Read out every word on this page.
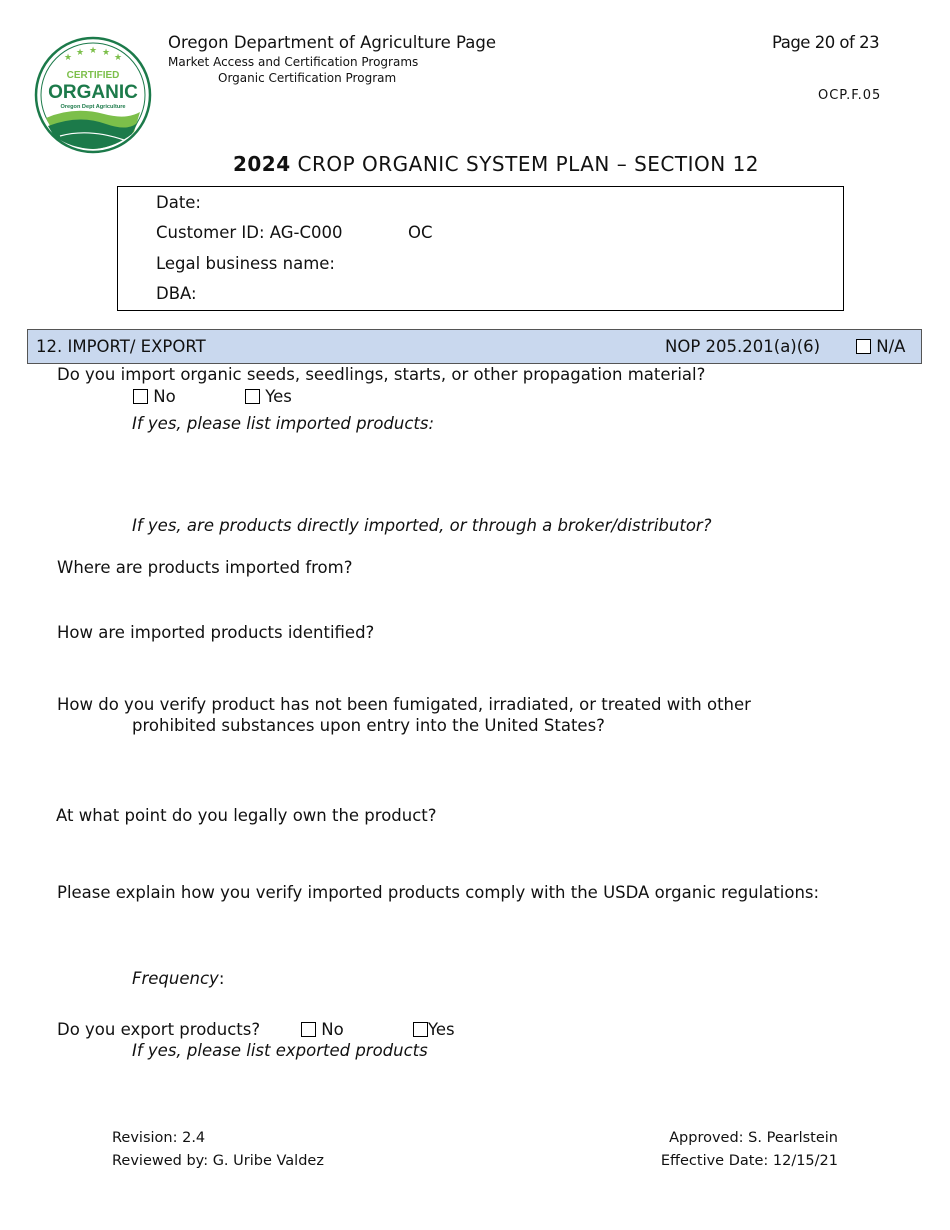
★ ★ ★ ★ ★
CERTIFIED
ORGANIC
Oregon Dept Agriculture
Oregon Department of Agriculture Page
Market Access and Certification Programs
Organic Certification Program
Page 20 of 23
OCP.F.05
2024 CROP ORGANIC SYSTEM PLAN – SECTION 12
Date:
Customer ID: AG-C000	OC
Legal business name:
DBA:
12. IMPORT/ EXPORT	NOP 205.201(a)(6)	N/A
Do you import organic seeds, seedlings, starts, or other propagation material?
No	Yes
If yes, please list imported products:
If yes, are products directly imported, or through a broker/distributor?
Where are products imported from?
How are imported products identified?
How do you verify product has not been fumigated, irradiated, or treated with other
prohibited substances upon entry into the United States?
At what point do you legally own the product?
Please explain how you verify imported products comply with the USDA organic regulations:
Frequency:
Do you export products?	No	Yes
If yes, please list exported products
Revision: 2.4
Reviewed by: G. Uribe Valdez
Approved: S. Pearlstein
Effective Date: 12/15/21
